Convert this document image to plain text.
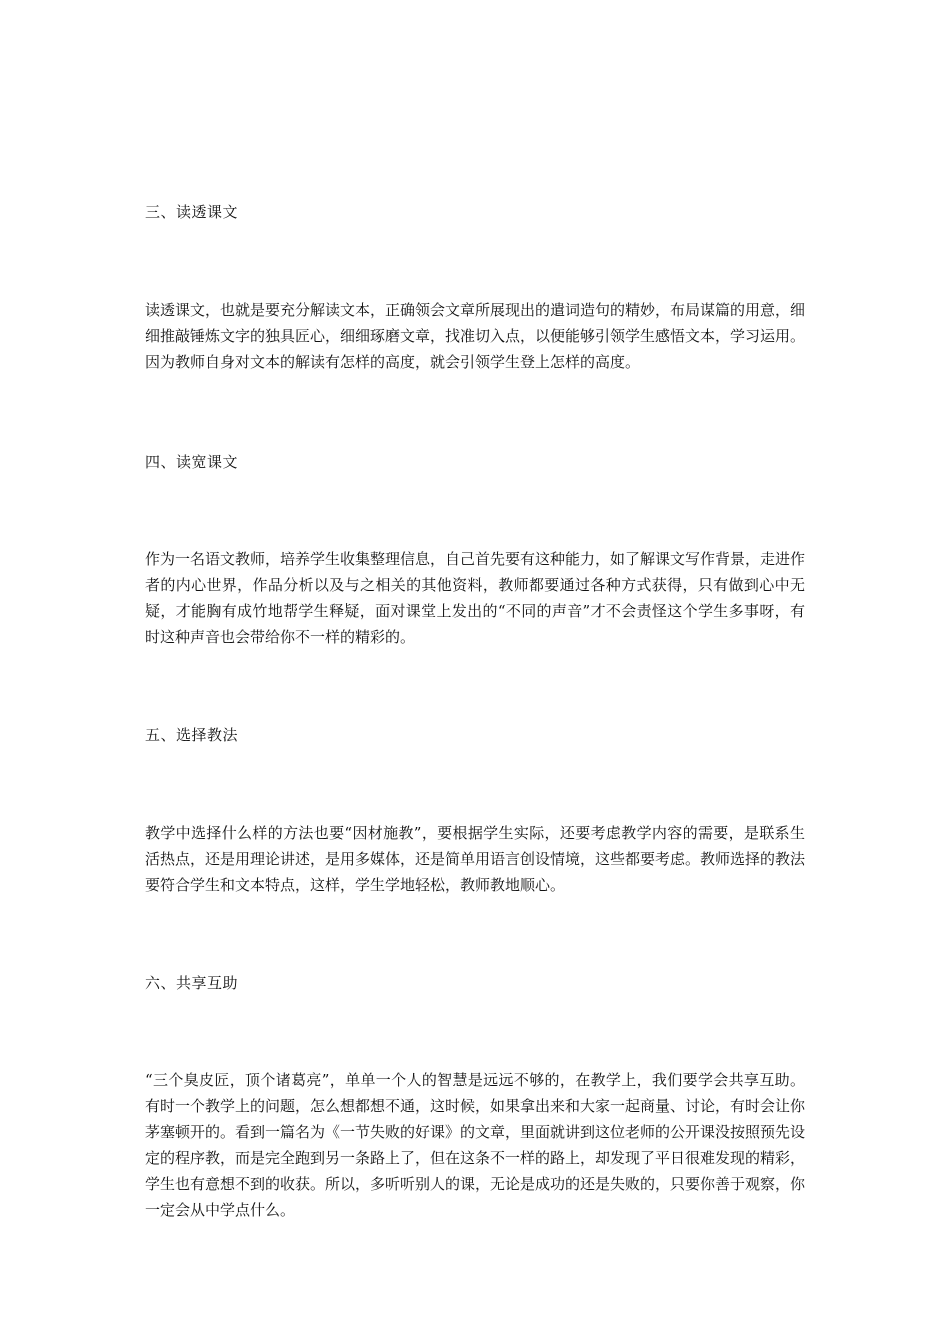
三、读透课文

读透课文，也就是要充分解读文本，正确领会文章所展现出的遣词造句的精妙，布局谋篇的用意，细细推敲锤炼文字的独具匠心，细细琢磨文章，找准切入点，以便能够引领学生感悟文本，学习运用。因为教师自身对文本的解读有怎样的高度，就会引领学生登上怎样的高度。

四、读宽课文

作为一名语文教师，培养学生收集整理信息，自己首先要有这种能力，如了解课文写作背景，走进作者的内心世界，作品分析以及与之相关的其他资料，教师都要通过各种方式获得，只有做到心中无疑，才能胸有成竹地帮学生释疑，面对课堂上发出的“不同的声音”才不会责怪这个学生多事呀，有时这种声音也会带给你不一样的精彩的。

五、选择教法

教学中选择什么样的方法也要“因材施教”，要根据学生实际，还要考虑教学内容的需要，是联系生活热点，还是用理论讲述，是用多媒体，还是简单用语言创设情境，这些都要考虑。教师选择的教法要符合学生和文本特点，这样，学生学地轻松，教师教地顺心。

六、共享互助

“三个臭皮匠，顶个诸葛亮”，单单一个人的智慧是远远不够的，在教学上，我们要学会共享互助。有时一个教学上的问题，怎么想都想不通，这时候，如果拿出来和大家一起商量、讨论，有时会让你茅塞顿开的。看到一篇名为《一节失败的好课》的文章，里面就讲到这位老师的公开课没按照预先设定的程序教，而是完全跑到另一条路上了，但在这条不一样的路上，却发现了平日很难发现的精彩，学生也有意想不到的收获。所以，多听听别人的课，无论是成功的还是失败的，只要你善于观察，你一定会从中学点什么。
